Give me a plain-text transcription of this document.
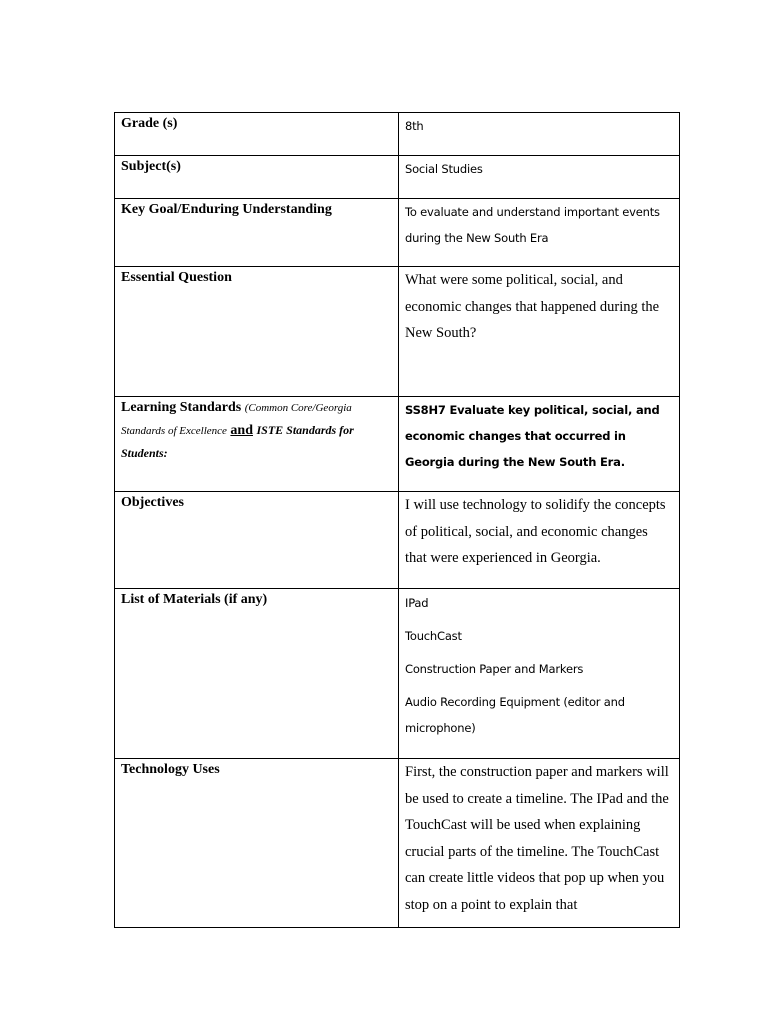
Grade (s)	8th
Subject(s)	Social Studies
Key Goal/Enduring Understanding	To evaluate and understand important events during the New South Era
Essential Question	What were some political, social, and economic changes that happened during the New South?
Learning Standards (Common Core/Georgia Standards of Excellence and ISTE Standards for Students:	SS8H7 Evaluate key political, social, and economic changes that occurred in Georgia during the New South Era.
Objectives	I will use technology to solidify the concepts of political, social, and economic changes that were experienced in Georgia.
List of Materials (if any)	IPad
TouchCast
Construction Paper and Markers
Audio Recording Equipment (editor and microphone)

Technology Uses	First, the construction paper and markers will be used to create a timeline. The IPad and the TouchCast will be used when explaining crucial parts of the timeline. The TouchCast can create little videos that pop up when you stop on a point to explain that
